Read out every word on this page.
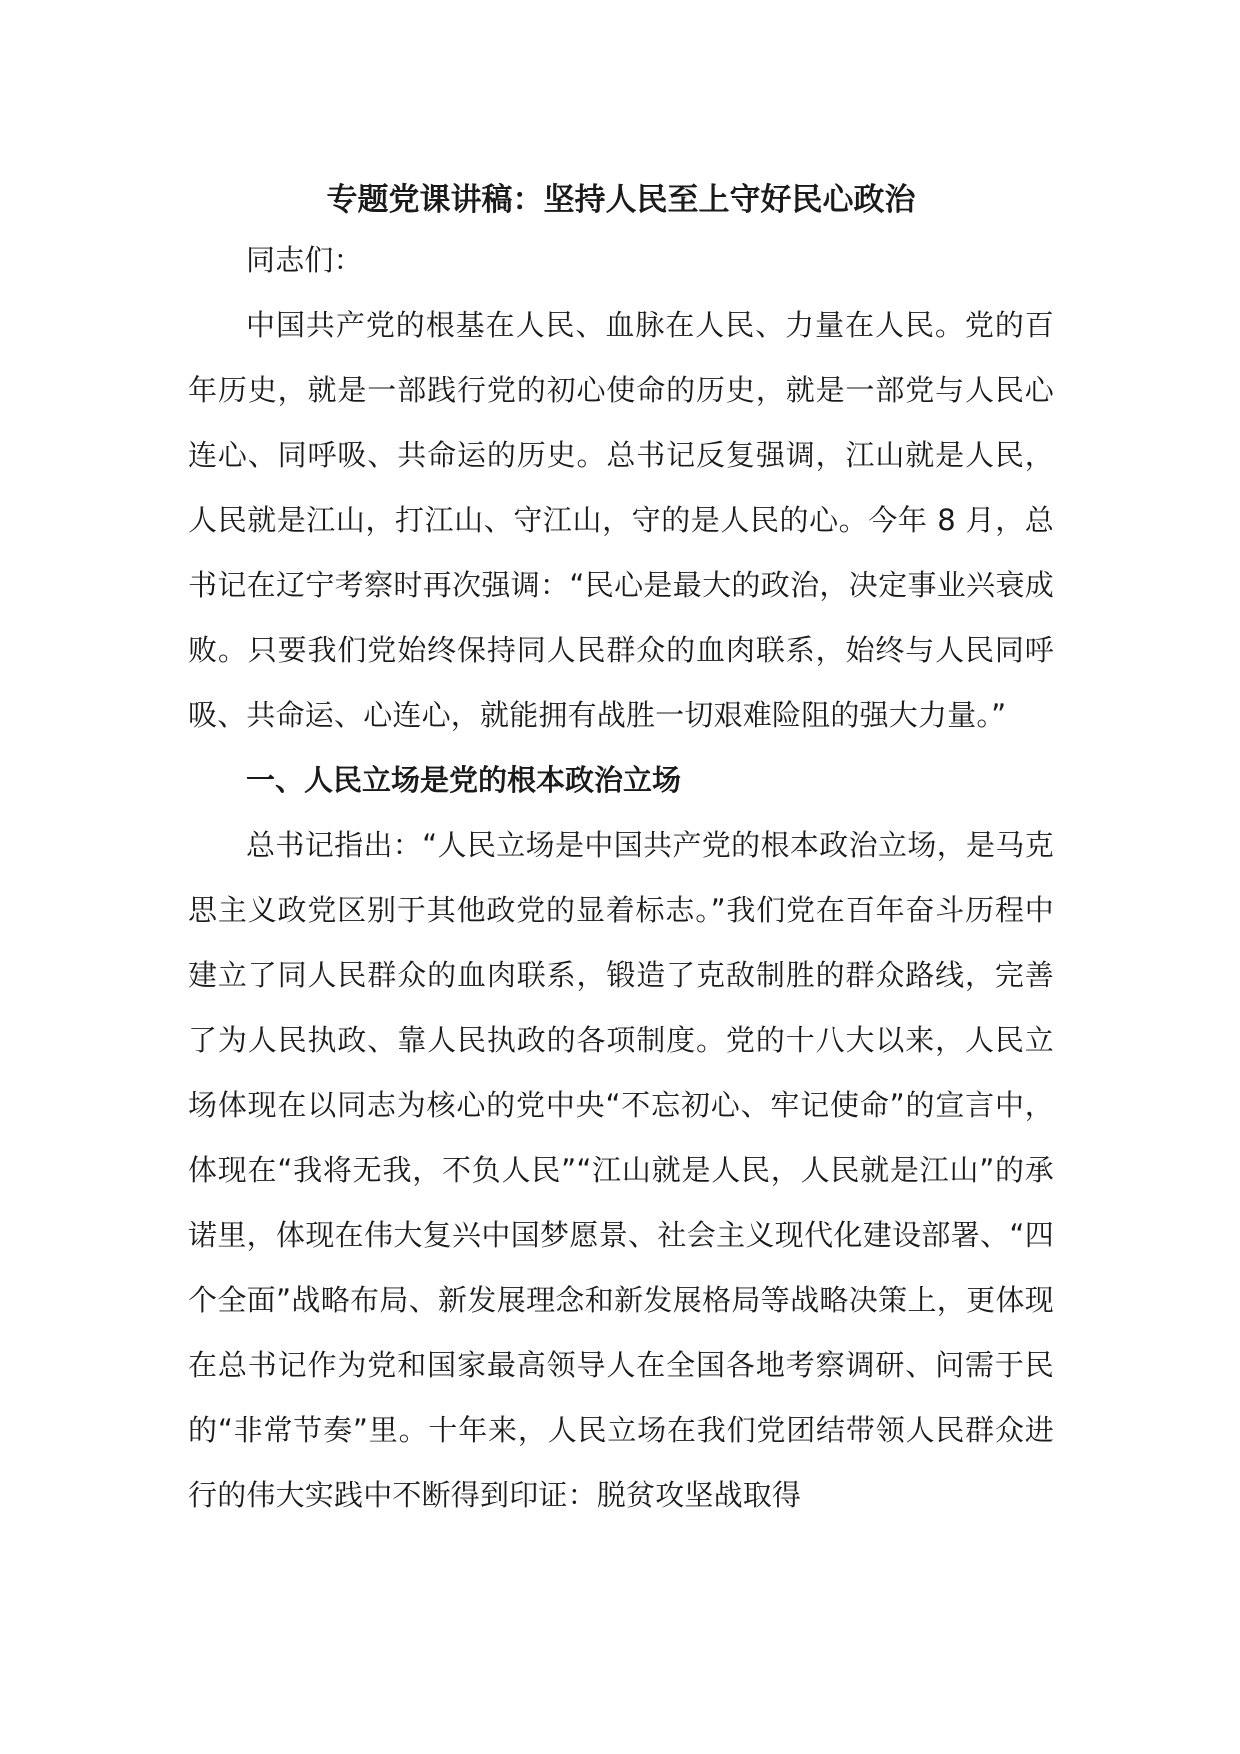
专题党课讲稿：坚持人民至上守好民心政治

同志们：

中国共产党的根基在人民、血脉在人民、力量在人民。党的百年历史，就是一部践行党的初心使命的历史，就是一部党与人民心连心、同呼吸、共命运的历史。总书记反复强调，江山就是人民，人民就是江山，打江山、守江山，守的是人民的心。今年 8 月，总书记在辽宁考察时再次强调：“民心是最大的政治，决定事业兴衰成败。只要我们党始终保持同人民群众的血肉联系，始终与人民同呼吸、共命运、心连心，就能拥有战胜一切艰难险阻的强大力量。”

一、人民立场是党的根本政治立场

总书记指出：“人民立场是中国共产党的根本政治立场，是马克思主义政党区别于其他政党的显着标志。”我们党在百年奋斗历程中建立了同人民群众的血肉联系，锻造了克敌制胜的群众路线，完善了为人民执政、靠人民执政的各项制度。党的十八大以来，人民立场体现在以同志为核心的党中央“不忘初心、牢记使命”的宣言中，体现在“我将无我，不负人民”“江山就是人民，人民就是江山”的承诺里，体现在伟大复兴中国梦愿景、社会主义现代化建设部署、“四个全面”战略布局、新发展理念和新发展格局等战略决策上，更体现在总书记作为党和国家最高领导人在全国各地考察调研、问需于民的“非常节奏”里。十年来，人民立场在我们党团结带领人民群众进行的伟大实践中不断得到印证：脱贫攻坚战取得
